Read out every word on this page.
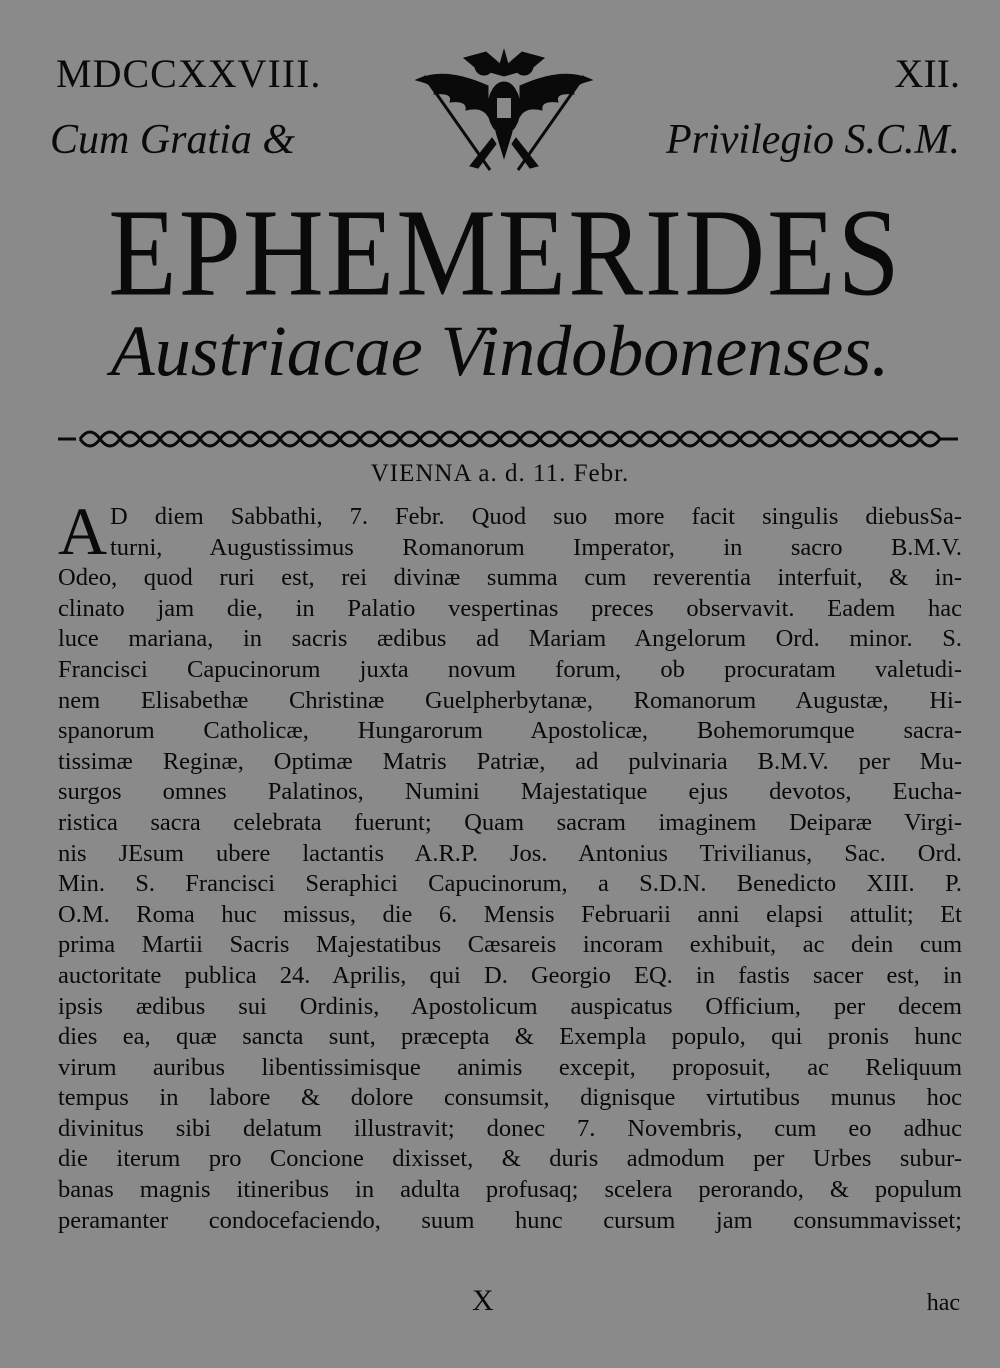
MDCCXXVIII.	XII.
Cum Gratia &	Privilegio S.C.M.
EPHEMERIDES
Austriacae Vindobonenses.
VIENNA a. d. 11. Febr.
A D diem Sabbathi, 7. Febr. Quod suo more facit singulis diebusSa-
turni, Augustissimus Romanorum Imperator, in sacro B.M.V.
Odeo, quod ruri est, rei divinæ summa cum reverentia interfuit, & in-
clinato jam die, in Palatio vespertinas preces observavit. Eadem hac
luce mariana, in sacris ædibus ad Mariam Angelorum Ord. minor. S.
Francisci Capucinorum juxta novum forum, ob procuratam valetudi-
nem Elisabethæ Christinæ Guelpherbytanæ, Romanorum Augustæ, Hi-
spanorum Catholicæ, Hungarorum Apostolicæ, Bohemorumque sacra-
tissimæ Reginæ, Optimæ Matris Patriæ, ad pulvinaria B.M.V. per Mu-
surgos omnes Palatinos, Numini Majestatique ejus devotos, Eucha-
ristica sacra celebrata fuerunt; Quam sacram imaginem Deiparæ Virgi-
nis JEsum ubere lactantis A.R.P. Jos. Antonius Trivilianus, Sac. Ord.
Min. S. Francisci Seraphici Capucinorum, a S.D.N. Benedicto XIII. P.
O.M. Roma huc missus, die 6. Mensis Februarii anni elapsi attulit; Et
prima Martii Sacris Majestatibus Cæsareis incoram exhibuit, ac dein cum
auctoritate publica 24. Aprilis, qui D. Georgio EQ. in fastis sacer est, in
ipsis ædibus sui Ordinis, Apostolicum auspicatus Officium, per decem
dies ea, quæ sancta sunt, præcepta & Exempla populo, qui pronis hunc
virum auribus libentissimisque animis excepit, proposuit, ac Reliquum
tempus in labore & dolore consumsit, dignisque virtutibus munus hoc
divinitus sibi delatum illustravit; donec 7. Novembris, cum eo adhuc
die iterum pro Concione dixisset, & duris admodum per Urbes subur-
banas magnis itineribus in adulta profusaq; scelera perorando, & populum
peramanter condocefaciendo, suum hunc cursum jam consummavisset;
X	hac
